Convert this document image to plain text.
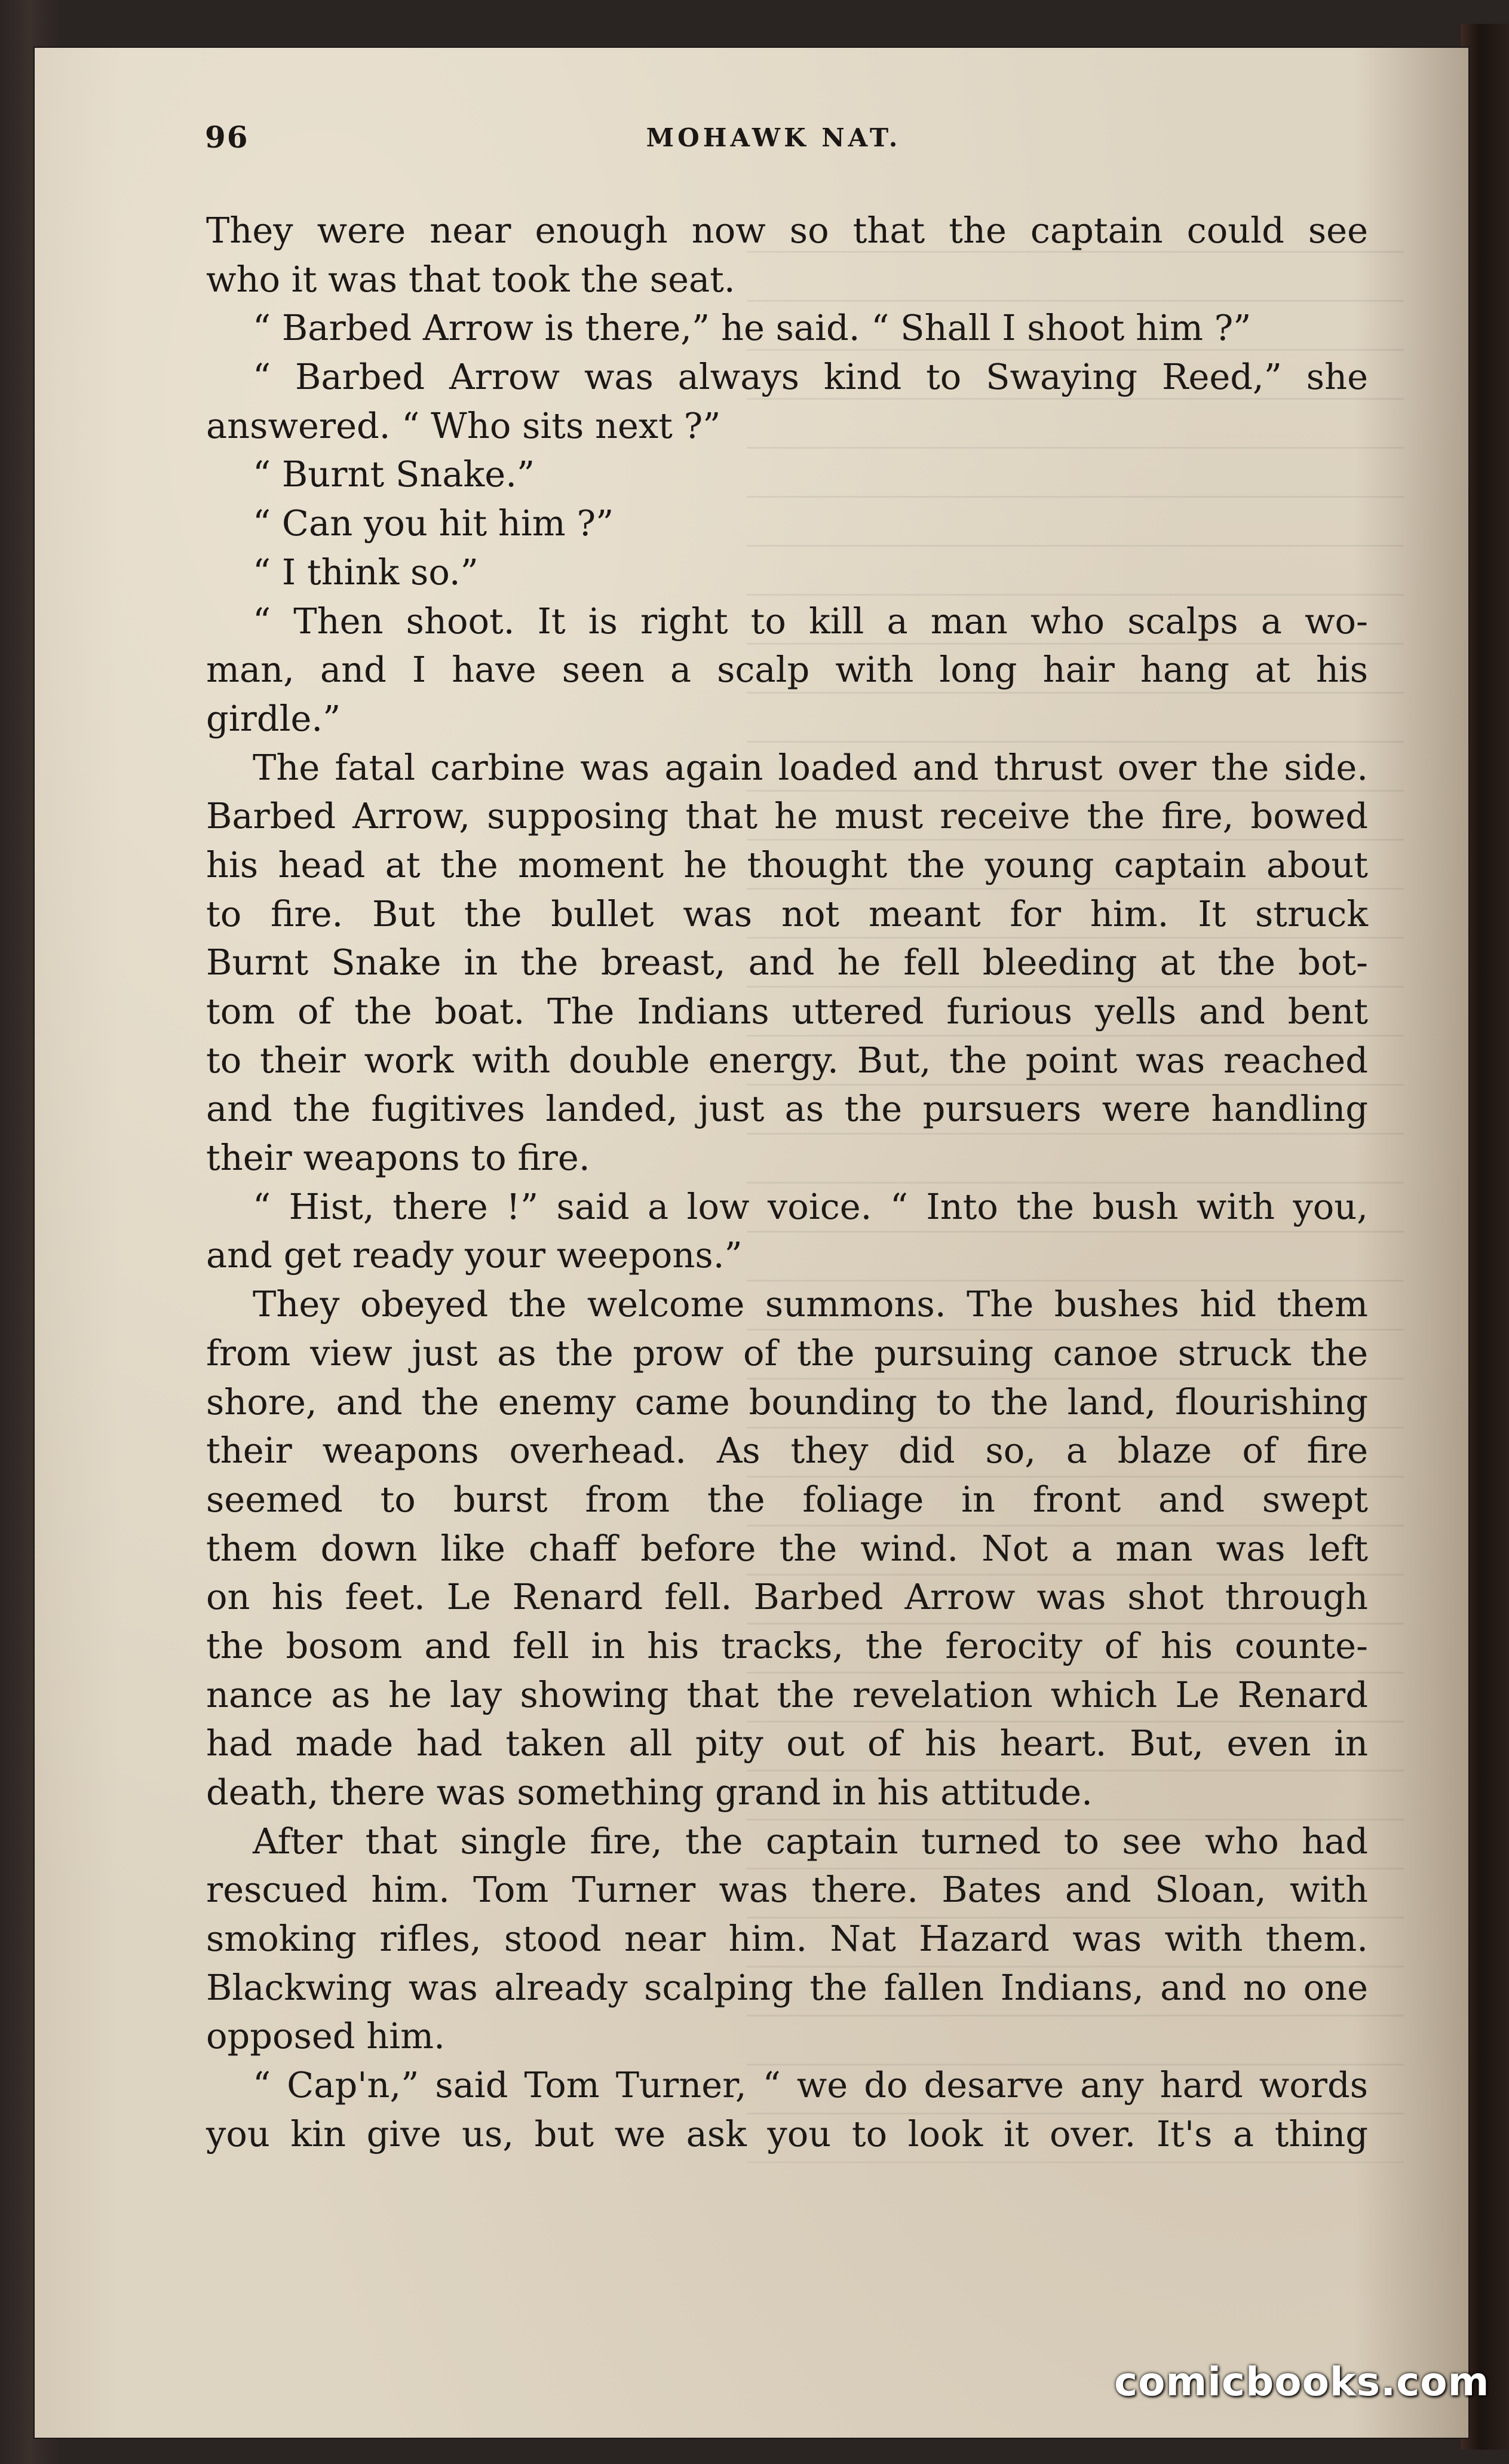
96	MOHAWK NAT.
They were near enough now so that the captain could see
who it was that took the seat.
“ Barbed Arrow is there,” he said. “ Shall I shoot him ?”
“ Barbed Arrow was always kind to Swaying Reed,” she
answered. “ Who sits next ?”
“ Burnt Snake.”
“ Can you hit him ?”
“ I think so.”
“ Then shoot. It is right to kill a man who scalps a wo-
man, and I have seen a scalp with long hair hang at his
girdle.”
The fatal carbine was again loaded and thrust over the side.
Barbed Arrow, supposing that he must receive the fire, bowed
his head at the moment he thought the young captain about
to fire. But the bullet was not meant for him. It struck
Burnt Snake in the breast, and he fell bleeding at the bot-
tom of the boat. The Indians uttered furious yells and bent
to their work with double energy. But, the point was reached
and the fugitives landed, just as the pursuers were handling
their weapons to fire.
“ Hist, there !” said a low voice. “ Into the bush with you,
and get ready your weepons.”
They obeyed the welcome summons. The bushes hid them
from view just as the prow of the pursuing canoe struck the
shore, and the enemy came bounding to the land, flourishing
their weapons overhead. As they did so, a blaze of fire
seemed to burst from the foliage in front and swept
them down like chaff before the wind. Not a man was left
on his feet. Le Renard fell. Barbed Arrow was shot through
the bosom and fell in his tracks, the ferocity of his counte-
nance as he lay showing that the revelation which Le Renard
had made had taken all pity out of his heart. But, even in
death, there was something grand in his attitude.
After that single fire, the captain turned to see who had
rescued him. Tom Turner was there. Bates and Sloan, with
smoking rifles, stood near him. Nat Hazard was with them.
Blackwing was already scalping the fallen Indians, and no one
opposed him.
“ Cap'n,” said Tom Turner, “ we do desarve any hard words
you kin give us, but we ask you to look it over. It's a thing
comicbooks.com
